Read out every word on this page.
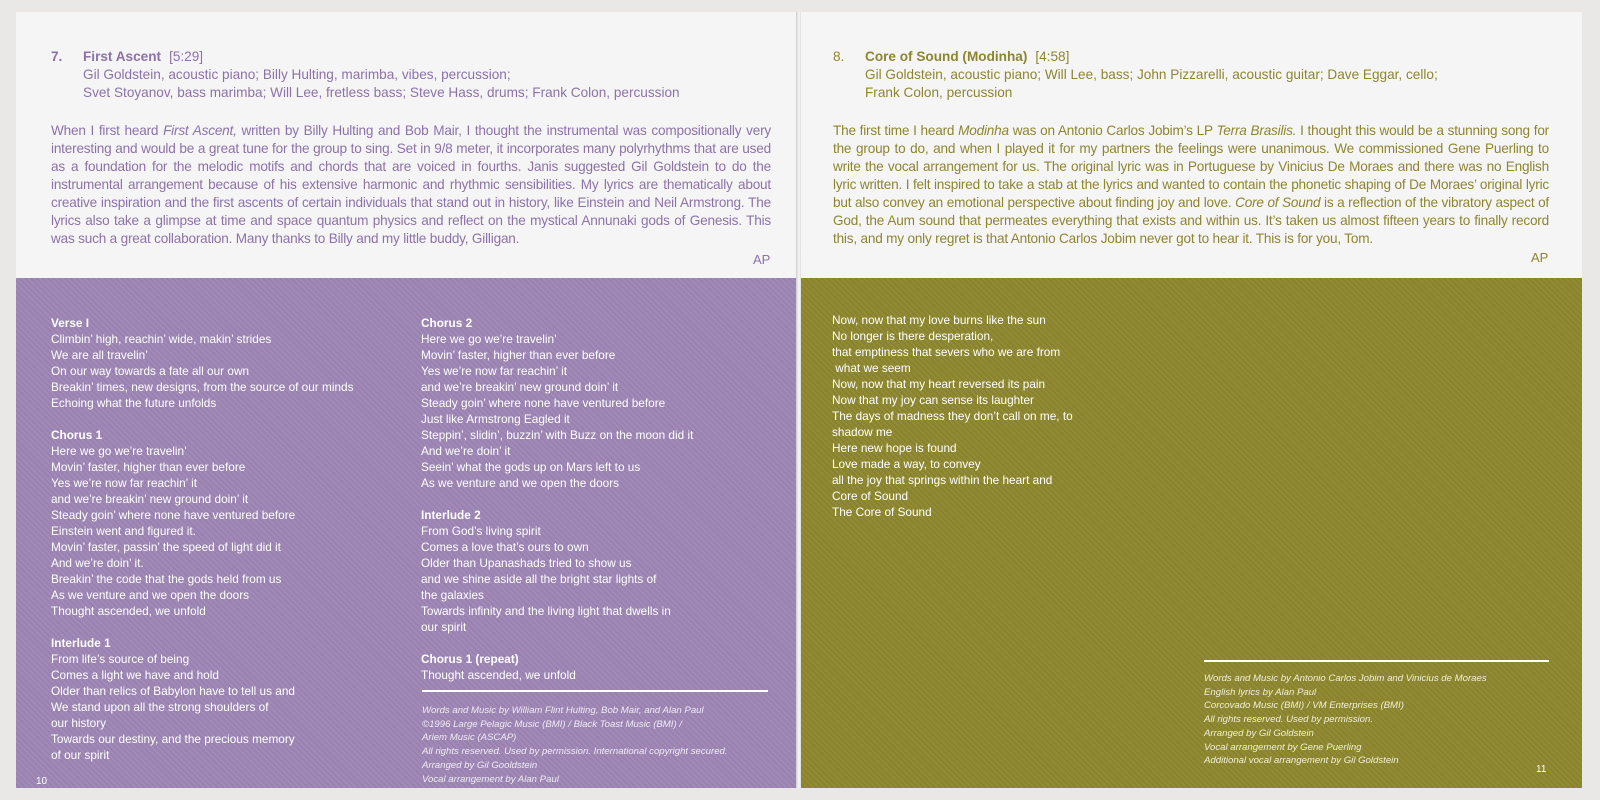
7. First Ascent [5:29]
Gil Goldstein, acoustic piano; Billy Hulting, marimba, vibes, percussion;
Svet Stoyanov, bass marimba; Will Lee, fretless bass; Steve Hass, drums; Frank Colon, percussion

When I first heard First Ascent, written by Billy Hulting and Bob Mair, I thought the instrumental was compositionally very interesting and would be a great tune for the group to sing. Set in 9/8 meter, it incorporates many polyrhythms that are used as a foundation for the melodic motifs and chords that are voiced in fourths. Janis suggested Gil Goldstein to do the instrumental arrangement because of his extensive harmonic and rhythmic sensibilities. My lyrics are thematically about creative inspiration and the first ascents of certain individuals that stand out in history, like Einstein and Neil Armstrong. The lyrics also take a glimpse at time and space quantum physics and reflect on the mystical Annunaki gods of Genesis. This was such a great collaboration. Many thanks to Billy and my little buddy, Gilligan.

AP
Verse I
Climbin’ high, reachin’ wide, makin’ strides
We are all travelin’
On our way towards a fate all our own
Breakin’ times, new designs, from the source of our minds
Echoing what the future unfolds
Chorus 1
Here we go we’re travelin’
Movin’ faster, higher than ever before
Yes we’re now far reachin’ it
and we’re breakin’ new ground doin’ it
Steady goin’ where none have ventured before
Einstein went and figured it.
Movin’ faster, passin’ the speed of light did it
And we’re doin’ it.
Breakin’ the code that the gods held from us
As we venture and we open the doors
Thought ascended, we unfold
Interlude 1
From life’s source of being
Comes a light we have and hold
Older than relics of Babylon have to tell us and
We stand upon all the strong shoulders of
our history
Towards our destiny, and the precious memory
of our spirit
Chorus 2
Here we go we’re travelin’
Movin’ faster, higher than ever before
Yes we’re now far reachin’ it
and we’re breakin’ new ground doin’ it
Steady goin’ where none have ventured before
Just like Armstrong Eagled it
Steppin’, slidin’, buzzin’ with Buzz on the moon did it
And we’re doin’ it
Seein’ what the gods up on Mars left to us
As we venture and we open the doors
Interlude 2
From God’s living spirit
Comes a love that’s ours to own
Older than Upanashads tried to show us
and we shine aside all the bright star lights of
the galaxies
Towards infinity and the living light that dwells in
our spirit
Chorus 1 (repeat)
Thought ascended, we unfold
Words and Music by William Flint Hulting, Bob Mair, and Alan Paul
©1996 Large Pelagic Music (BMI) / Black Toast Music (BMI) /
Ariem Music (ASCAP)
All rights reserved. Used by permission. International copyright secured.
Arranged by Gil Gooldstein
Vocal arrangement by Alan Paul
10
8. Core of Sound (Modinha) [4:58]
Gil Goldstein, acoustic piano; Will Lee, bass; John Pizzarelli, acoustic guitar; Dave Eggar, cello;
Frank Colon, percussion

The first time I heard Modinha was on Antonio Carlos Jobim’s LP Terra Brasilis. I thought this would be a stunning song for the group to do, and when I played it for my partners the feelings were unanimous. We commissioned Gene Puerling to write the vocal arrangement for us. The original lyric was in Portuguese by Vinicius De Moraes and there was no English lyric written. I felt inspired to take a stab at the lyrics and wanted to contain the phonetic shaping of De Moraes’ original lyric but also convey an emotional perspective about finding joy and love. Core of Sound is a reflection of the vibratory aspect of God, the Aum sound that permeates everything that exists and within us. It’s taken us almost fifteen years to finally record this, and my only regret is that Antonio Carlos Jobim never got to hear it. This is for you, Tom.

AP
Now, now that my love burns like the sun
No longer is there desperation,
that emptiness that severs who we are from
what we seem
Now, now that my heart reversed its pain
Now that my joy can sense its laughter
The days of madness they don’t call on me, to
shadow me
Here new hope is found
Love made a way, to convey
all the joy that springs within the heart and
Core of Sound
The Core of Sound
Words and Music by Antonio Carlos Jobim and Vinicius de Moraes
English lyrics by Alan Paul
Corcovado Music (BMI) / VM Enterprises (BMI)
All rights reserved. Used by permission.
Arranged by Gil Goldstein
Vocal arrangement by Gene Puerling
Additional vocal arrangement by Gil Goldstein
11
